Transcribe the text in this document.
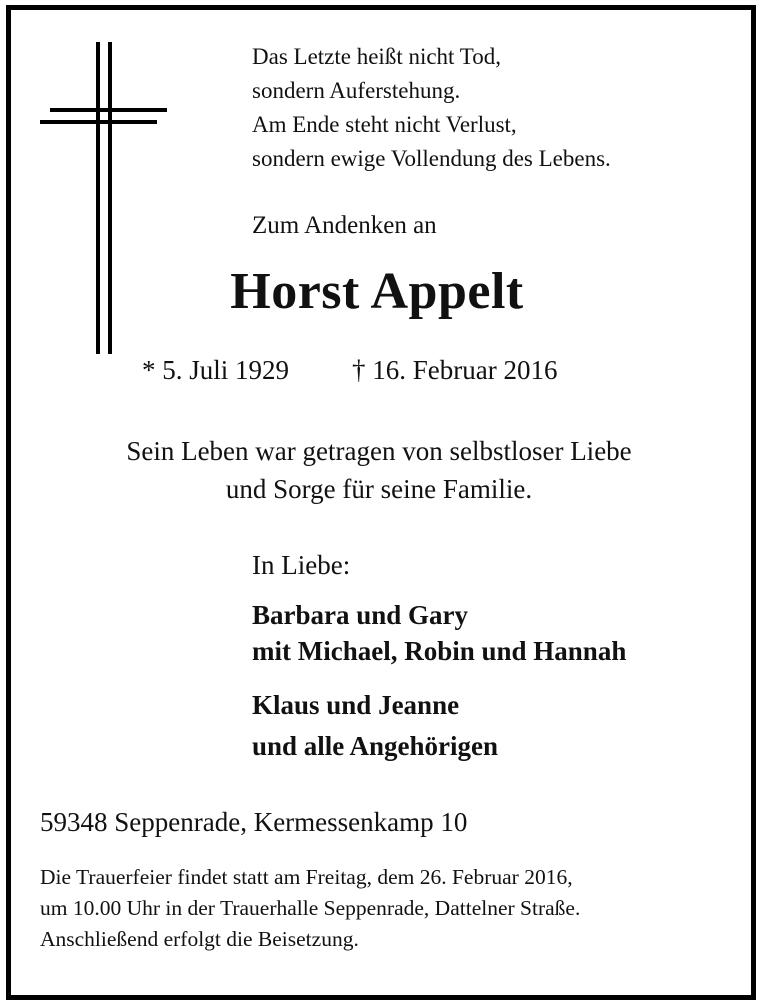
Das Letzte heißt nicht Tod,
sondern Auferstehung.
Am Ende steht nicht Verlust,
sondern ewige Vollendung des Lebens.
Zum Andenken an
Horst Appelt
* 5. Juli 1929 † 16. Februar 2016
Sein Leben war getragen von selbstloser Liebe
und Sorge für seine Familie.
In Liebe:
Barbara und Gary
mit Michael, Robin und Hannah
Klaus und Jeanne
und alle Angehörigen
59348 Seppenrade, Kermessenkamp 10
Die Trauerfeier findet statt am Freitag, dem 26. Februar 2016,
um 10.00 Uhr in der Trauerhalle Seppenrade, Dattelner Straße.
Anschließend erfolgt die Beisetzung.
